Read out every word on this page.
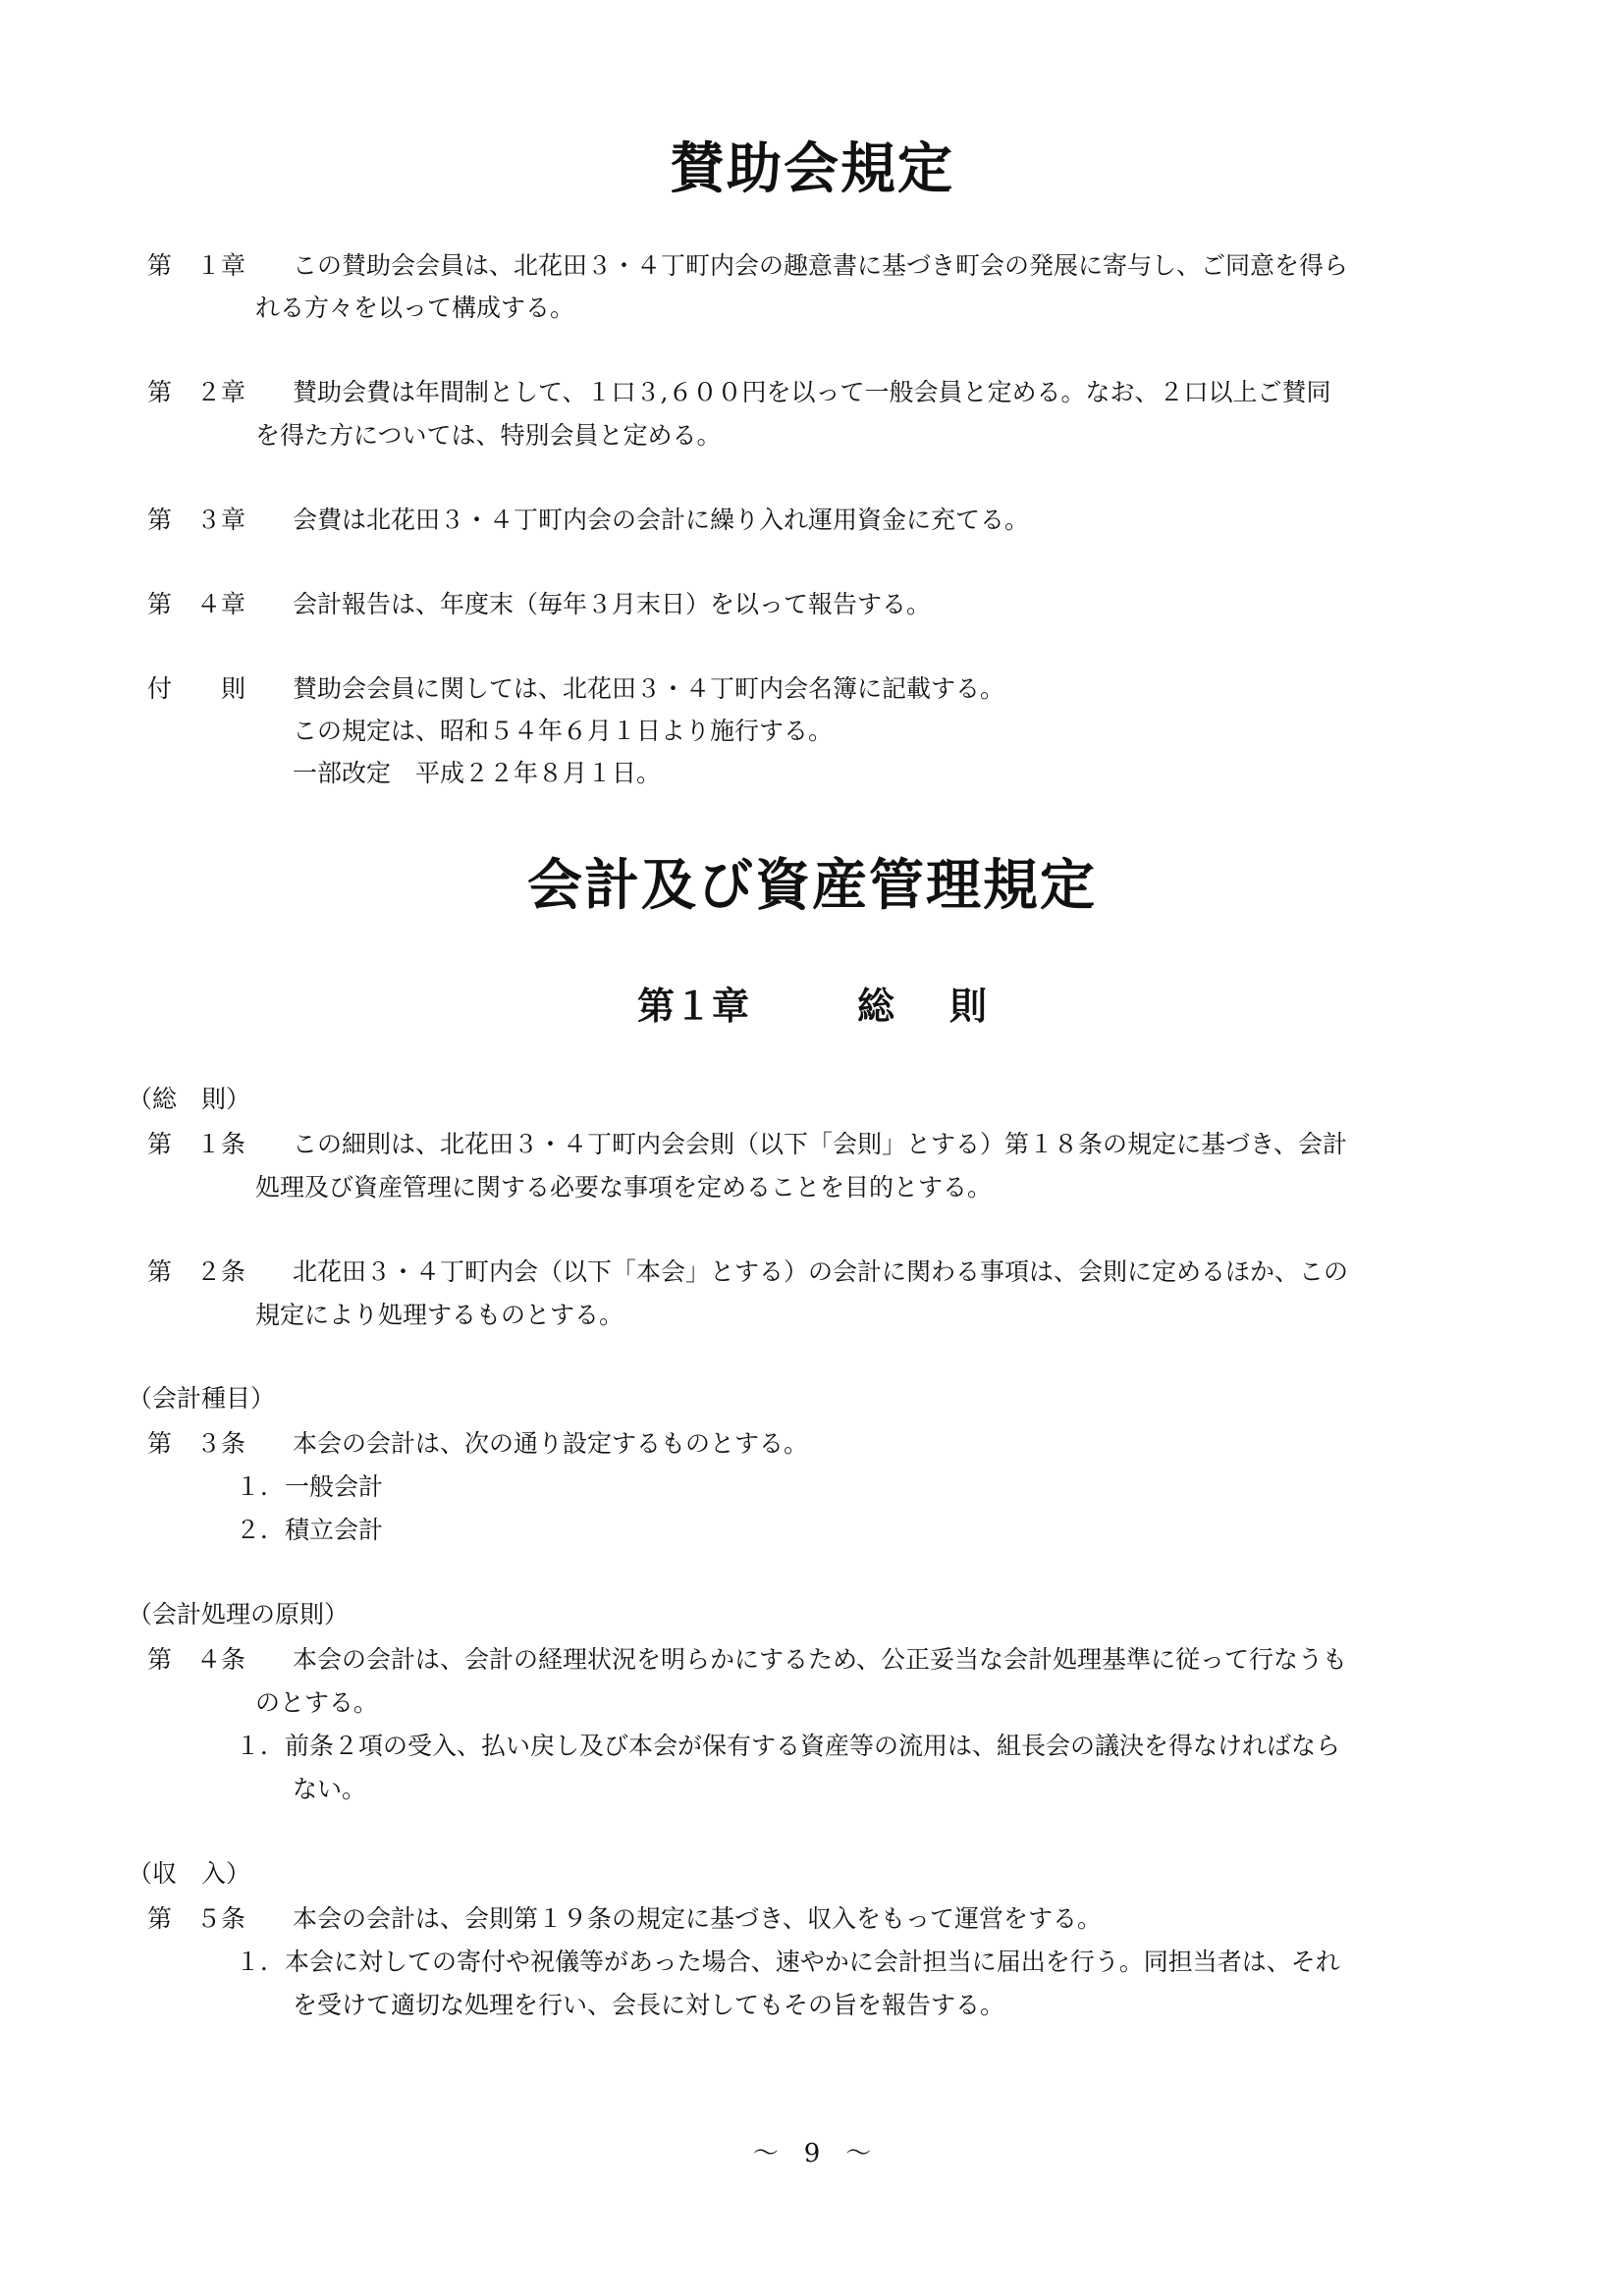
賛助会規定
第　１章 この賛助会会員は、北花田３・４丁町内会の趣意書に基づき町会の発展に寄与し、ご同意を得ら
れる方々を以って構成する。
第　２章 賛助会費は年間制として、１口３,６００円を以って一般会員と定める。なお、２口以上ご賛同
を得た方については、特別会員と定める。
第　３章 会費は北花田３・４丁町内会の会計に繰り入れ運用資金に充てる。
第　４章 会計報告は、年度末（毎年３月末日）を以って報告する。
付　　則 賛助会会員に関しては、北花田３・４丁町内会名簿に記載する。
この規定は、昭和５４年６月１日より施行する。
一部改定　平成２２年８月１日。
会計及び資産管理規定
第１章	総 則
（総　則）
第　１条 この細則は、北花田３・４丁町内会会則（以下「会則」とする）第１８条の規定に基づき、会計
処理及び資産管理に関する必要な事項を定めることを目的とする。
第　２条 北花田３・４丁町内会（以下「本会」とする）の会計に関わる事項は、会則に定めるほか、この
規定により処理するものとする。
（会計種目）
第　３条 本会の会計は、次の通り設定するものとする。
１．一般会計
２．積立会計
（会計処理の原則）
第　４条 本会の会計は、会計の経理状況を明らかにするため、公正妥当な会計処理基準に従って行なうも
のとする。
１．前条２項の受入、払い戻し及び本会が保有する資産等の流用は、組長会の議決を得なければなら
ない。
（収　入）
第　５条 本会の会計は、会則第１９条の規定に基づき、収入をもって運営をする。
１．本会に対しての寄付や祝儀等があった場合、速やかに会計担当に届出を行う。同担当者は、それ
を受けて適切な処理を行い、会長に対してもその旨を報告する。
～　9　～
